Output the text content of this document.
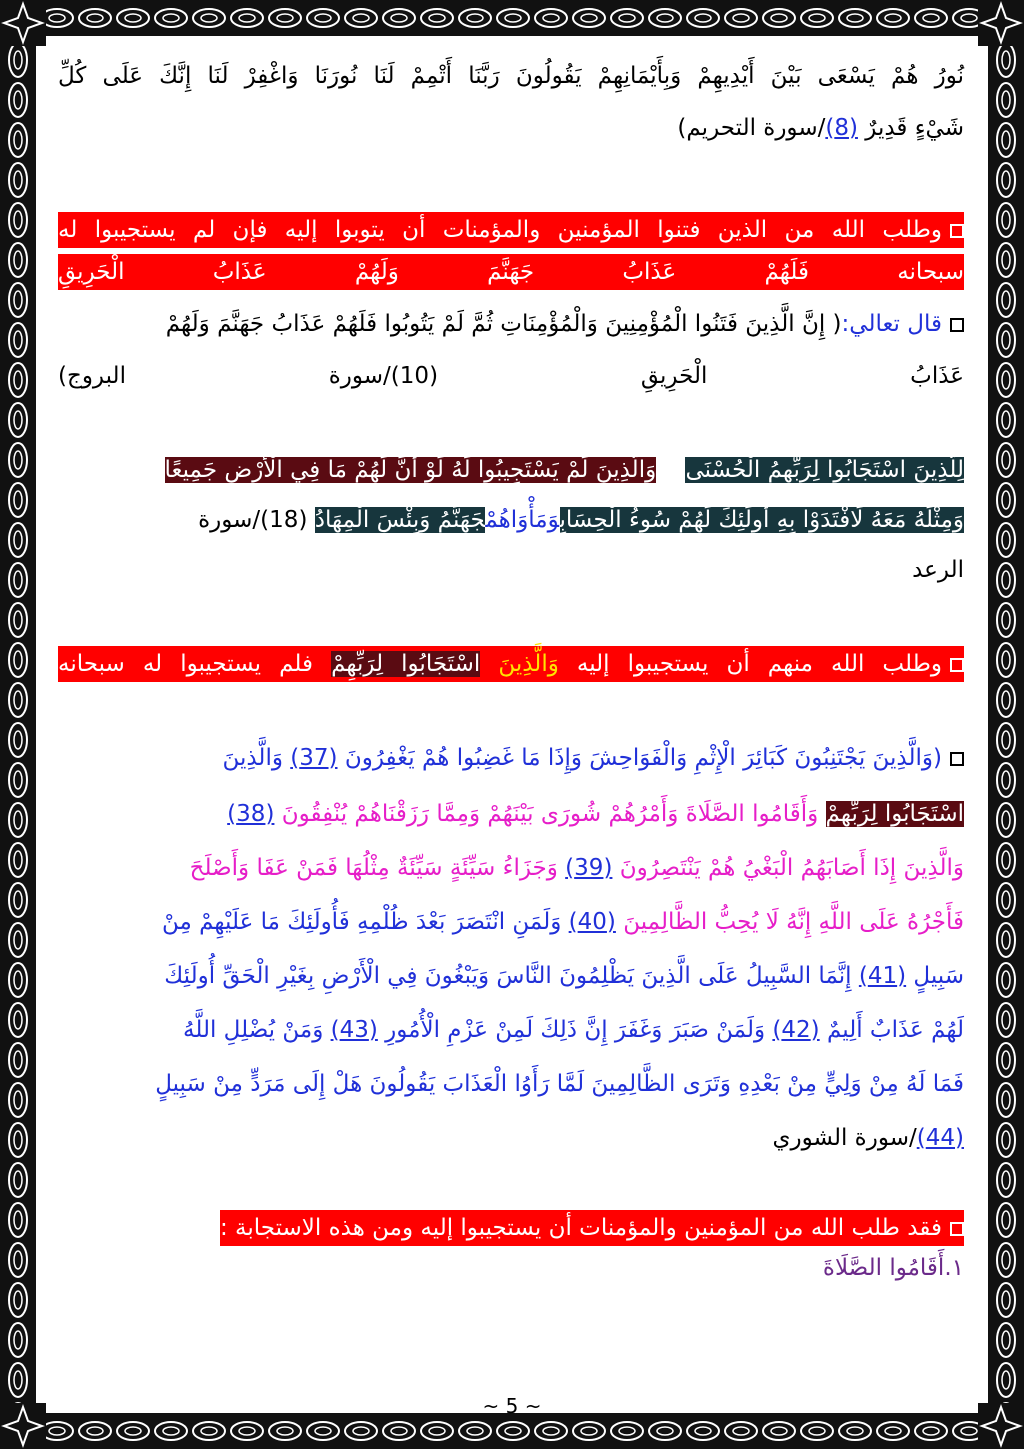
نُورُ هُمْ يَسْعَى بَيْنَ أَيْدِيهِمْ وَبِأَيْمَانِهِمْ يَقُولُونَ رَبَّنَا أَتْمِمْ لَنَا نُورَنَا وَاغْفِرْ لَنَا إِنَّكَ عَلَى كُلِّ
شَيْءٍ قَدِيرٌ (8)/سورة التحريم)
وطلب الله من الذين فتنوا المؤمنين والمؤمنات أن يتوبوا إليه فإن لم يستجيبوا له
سبحانه فَلَهُمْ عَذَابُ جَهَنَّمَ وَلَهُمْ عَذَابُ الْحَرِيقِ
قال تعالي:( إِنَّ الَّذِينَ فَتَنُوا الْمُؤْمِنِينَ وَالْمُؤْمِنَاتِ ثُمَّ لَمْ يَتُوبُوا فَلَهُمْ عَذَابُ جَهَنَّمَ وَلَهُمْ
عَذَابُ الْحَرِيقِ (10)/سورة البروج)
لِلَّذِينَ اسْتَجَابُوا لِرَبِّهِمُ الْحُسْنَى    وَالَّذِينَ لَمْ يَسْتَجِيبُوا لَهُ لَوْ أَنَّ لَهُمْ مَا فِي الْأَرْضِ جَمِيعًا
وَمِثْلَهُ مَعَهُ لَافْتَدَوْا بِهِ أُولَئِكَ لَهُمْ سُوءُ الْحِسَابِوَمَأْوَاهُمْجَهَنَّمُ وَبِئْسَ الْمِهَادُ (18)/سورة
الرعد
وطلب الله منهم أن يستجيبوا إليه وَالَّذِينَ اسْتَجَابُوا لِرَبِّهِمْ فلم يستجيبوا له سبحانه
(وَالَّذِينَ يَجْتَنِبُونَ كَبَائِرَ الْإِثْمِ وَالْفَوَاحِشَ وَإِذَا مَا غَضِبُوا هُمْ يَغْفِرُونَ (37) وَالَّذِينَ
اسْتَجَابُوا لِرَبِّهِمْ وَأَقَامُوا الصَّلَاةَ وَأَمْرُهُمْ شُورَى بَيْنَهُمْ وَمِمَّا رَزَقْنَاهُمْ يُنْفِقُونَ (38)
وَالَّذِينَ إِذَا أَصَابَهُمُ الْبَغْيُ هُمْ يَنْتَصِرُونَ (39) وَجَزَاءُ سَيِّئَةٍ سَيِّئَةٌ مِثْلُهَا فَمَنْ عَفَا وَأَصْلَحَ
فَأَجْرُهُ عَلَى اللَّهِ إِنَّهُ لَا يُحِبُّ الظَّالِمِينَ (40) وَلَمَنِ انْتَصَرَ بَعْدَ ظُلْمِهِ فَأُولَئِكَ مَا عَلَيْهِمْ مِنْ
سَبِيلٍ (41) إِنَّمَا السَّبِيلُ عَلَى الَّذِينَ يَظْلِمُونَ النَّاسَ وَيَبْغُونَ فِي الْأَرْضِ بِغَيْرِ الْحَقِّ أُولَئِكَ
لَهُمْ عَذَابٌ أَلِيمٌ (42) وَلَمَنْ صَبَرَ وَغَفَرَ إِنَّ ذَلِكَ لَمِنْ عَزْمِ الْأُمُورِ (43) وَمَنْ يُضْلِلِ اللَّهُ
فَمَا لَهُ مِنْ وَلِيٍّ مِنْ بَعْدِهِ وَتَرَى الظَّالِمِينَ لَمَّا رَأَوُا الْعَذَابَ يَقُولُونَ هَلْ إِلَى مَرَدٍّ مِنْ سَبِيلٍ
(44)/سورة الشوري
فقد طلب الله من المؤمنين والمؤمنات أن يستجيبوا إليه ومن هذه الاستجابة :
١.أَقَامُوا الصَّلَاةَ
~ 5 ~
